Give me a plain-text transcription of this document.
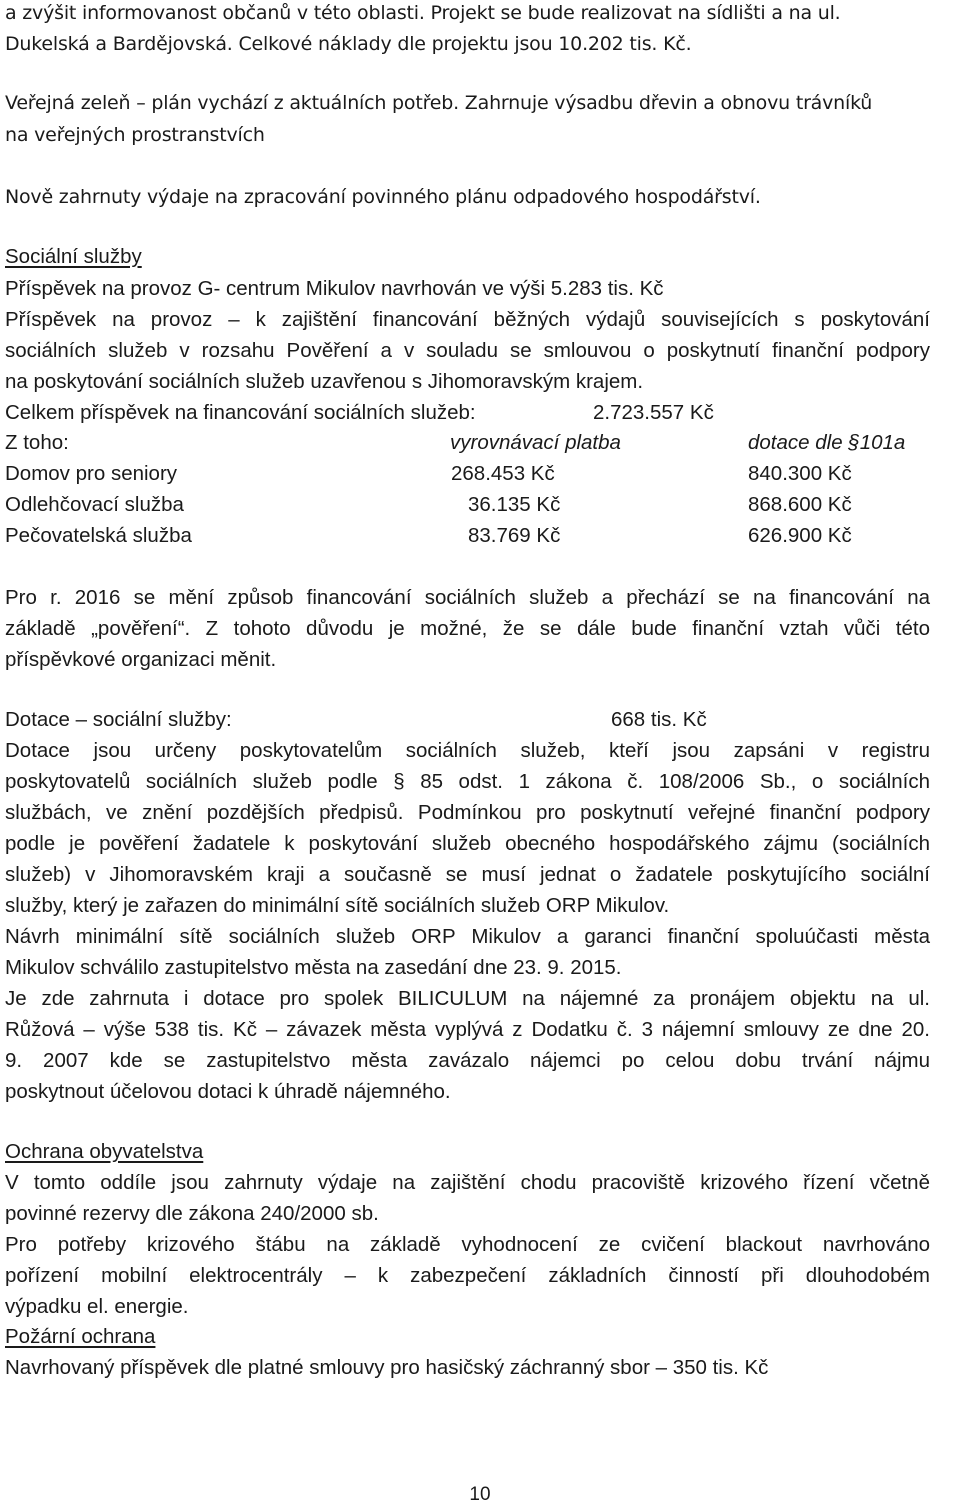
a zvýšit informovanost občanů v této oblasti. Projekt se bude realizovat na sídlišti a na ul.
Dukelská a Bardějovská. Celkové náklady dle projektu jsou 10.202 tis. Kč.
Veřejná zeleň – plán vychází z aktuálních potřeb. Zahrnuje výsadbu dřevin a obnovu trávníků
na veřejných prostranstvích
Nově zahrnuty výdaje na zpracování povinného plánu odpadového hospodářství.
Sociální služby
Příspěvek na provoz G- centrum Mikulov navrhován ve výši 5.283 tis. Kč
Příspěvek na provoz – k zajištění financování běžných výdajů souvisejících s poskytování
sociálních služeb v rozsahu Pověření a v souladu se smlouvou o poskytnutí finanční podpory
na poskytování sociálních služeb uzavřenou s Jihomoravským krajem.
Celkem příspěvek na financování sociálních služeb:	2.723.557 Kč
Z toho:	vyrovnávací platba	dotace dle §101a
Domov pro seniory	268.453 Kč	840.300 Kč
Odlehčovací služba	36.135 Kč	868.600 Kč
Pečovatelská služba	83.769 Kč	626.900 Kč
Pro r. 2016 se mění způsob financování sociálních služeb a přechází se na financování na
základě „pověření“. Z tohoto důvodu je možné, že se dále bude finanční vztah vůči této
příspěvkové organizaci měnit.
Dotace – sociální služby:	668 tis. Kč
Dotace jsou určeny poskytovatelům sociálních služeb, kteří jsou zapsáni v registru
poskytovatelů sociálních služeb podle § 85 odst. 1 zákona č. 108/2006 Sb., o sociálních
službách, ve znění pozdějších předpisů. Podmínkou pro poskytnutí veřejné finanční podpory
podle je pověření žadatele k poskytování služeb obecného hospodářského zájmu (sociálních
služeb) v Jihomoravském kraji a současně se musí jednat o žadatele poskytujícího sociální
služby, který je zařazen do minimální sítě sociálních služeb ORP Mikulov.
Návrh minimální sítě sociálních služeb ORP Mikulov a garanci finanční spoluúčasti města
Mikulov schválilo zastupitelstvo města na zasedání dne 23. 9. 2015.
Je zde zahrnuta i dotace pro spolek BILICULUM na nájemné za pronájem objektu na ul.
Růžová – výše 538 tis. Kč – závazek města vyplývá z Dodatku č. 3 nájemní smlouvy ze dne 20.
9. 2007 kde se zastupitelstvo města zavázalo nájemci po celou dobu trvání nájmu
poskytnout účelovou dotaci k úhradě nájemného.
Ochrana obyvatelstva
V tomto oddíle jsou zahrnuty výdaje na zajištění chodu pracoviště krizového řízení včetně
povinné rezervy dle zákona 240/2000 sb.
Pro potřeby krizového štábu na základě vyhodnocení ze cvičení blackout navrhováno
pořízení mobilní elektrocentrály – k zabezpečení základních činností při dlouhodobém
výpadku el. energie.
Požární ochrana
Navrhovaný příspěvek dle platné smlouvy pro hasičský záchranný sbor – 350 tis. Kč
10
